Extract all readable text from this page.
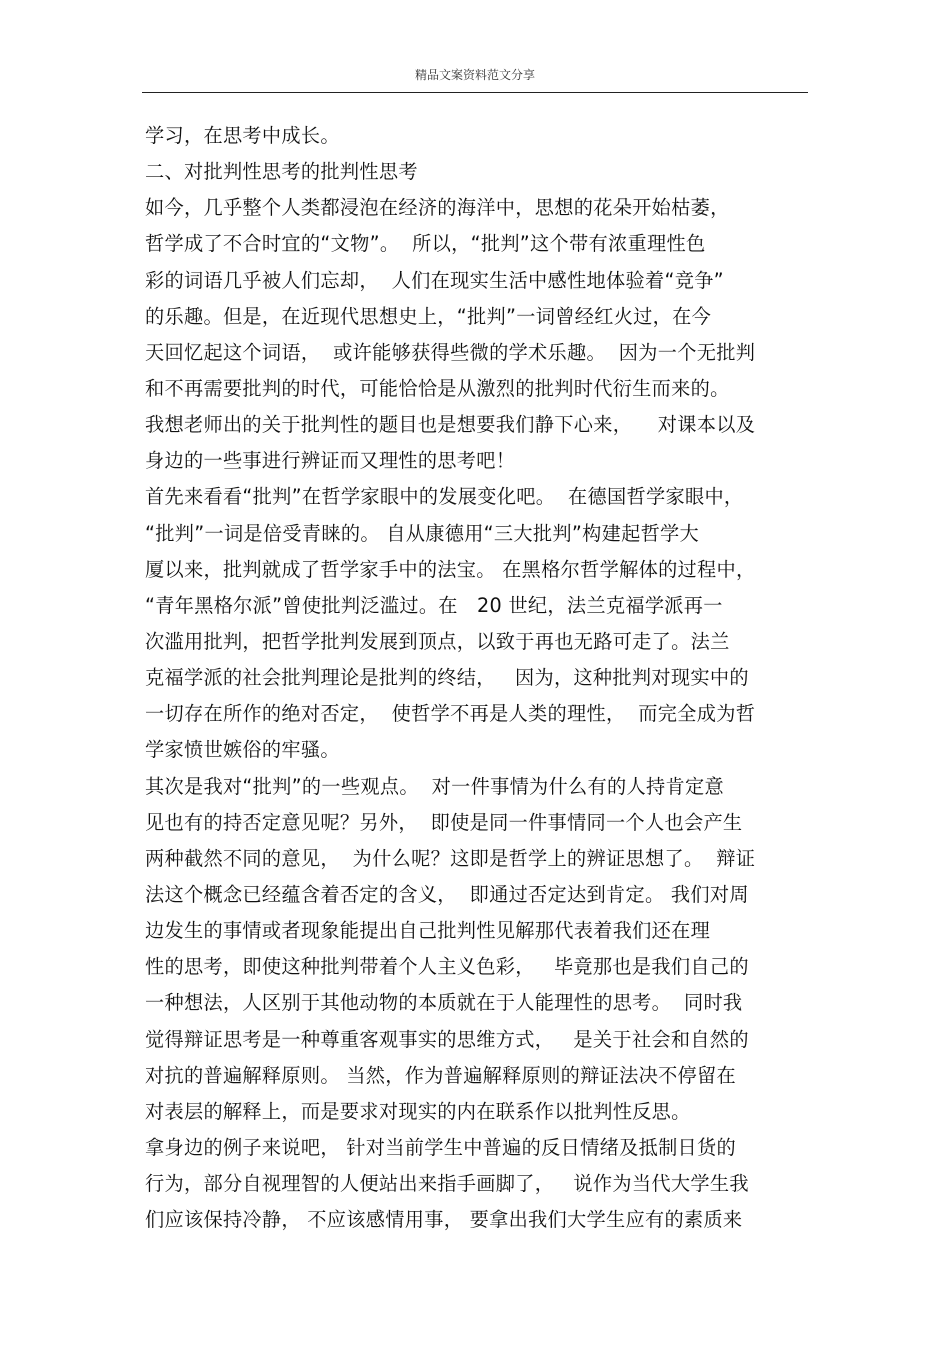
精品文案资料范文分享
学习，在思考中成长。
二、对批判性思考的批判性思考
如今，几乎整个人类都浸泡在经济的海洋中，思想的花朵开始枯萎，
哲学成了不合时宜的“文物”。  所以，“批判”这个带有浓重理性色
彩的词语几乎被人们忘却，  人们在现实生活中感性地体验着“竞争”
的乐趣。但是，在近现代思想史上，“批判”一词曾经红火过，在今
天回忆起这个词语，  或许能够获得些微的学术乐趣。  因为一个无批判
和不再需要批判的时代，可能恰恰是从激烈的批判时代衍生而来的。
我想老师出的关于批判性的题目也是想要我们静下心来，    对课本以及
身边的一些事进行辨证而又理性的思考吧！
首先来看看“批判”在哲学家眼中的发展变化吧。  在德国哲学家眼中，
“批判”一词是倍受青睐的。 自从康德用“三大批判”构建起哲学大
厦以来，批判就成了哲学家手中的法宝。 在黑格尔哲学解体的过程中，
“青年黑格尔派”曾使批判泛滥过。在   20 世纪，法兰克福学派再一
次滥用批判，把哲学批判发展到顶点，以致于再也无路可走了。法兰
克福学派的社会批判理论是批判的终结，   因为，这种批判对现实中的
一切存在所作的绝对否定，  使哲学不再是人类的理性，  而完全成为哲
学家愤世嫉俗的牢骚。
其次是我对“批判”的一些观点。  对一件事情为什么有的人持肯定意
见也有的持否定意见呢？另外，  即使是同一件事情同一个人也会产生
两种截然不同的意见，  为什么呢？这即是哲学上的辨证思想了。  辩证
法这个概念已经蕴含着否定的含义，  即通过否定达到肯定。 我们对周
边发生的事情或者现象能提出自己批判性见解那代表着我们还在理
性的思考，即使这种批判带着个人主义色彩，   毕竟那也是我们自己的
一种想法，人区别于其他动物的本质就在于人能理性的思考。  同时我
觉得辩证思考是一种尊重客观事实的思维方式，   是关于社会和自然的
对抗的普遍解释原则。 当然，作为普遍解释原则的辩证法决不停留在
对表层的解释上，而是要求对现实的内在联系作以批判性反思。
拿身边的例子来说吧， 针对当前学生中普遍的反日情绪及抵制日货的
行为，部分自视理智的人便站出来指手画脚了，   说作为当代大学生我
们应该保持冷静， 不应该感情用事， 要拿出我们大学生应有的素质来
